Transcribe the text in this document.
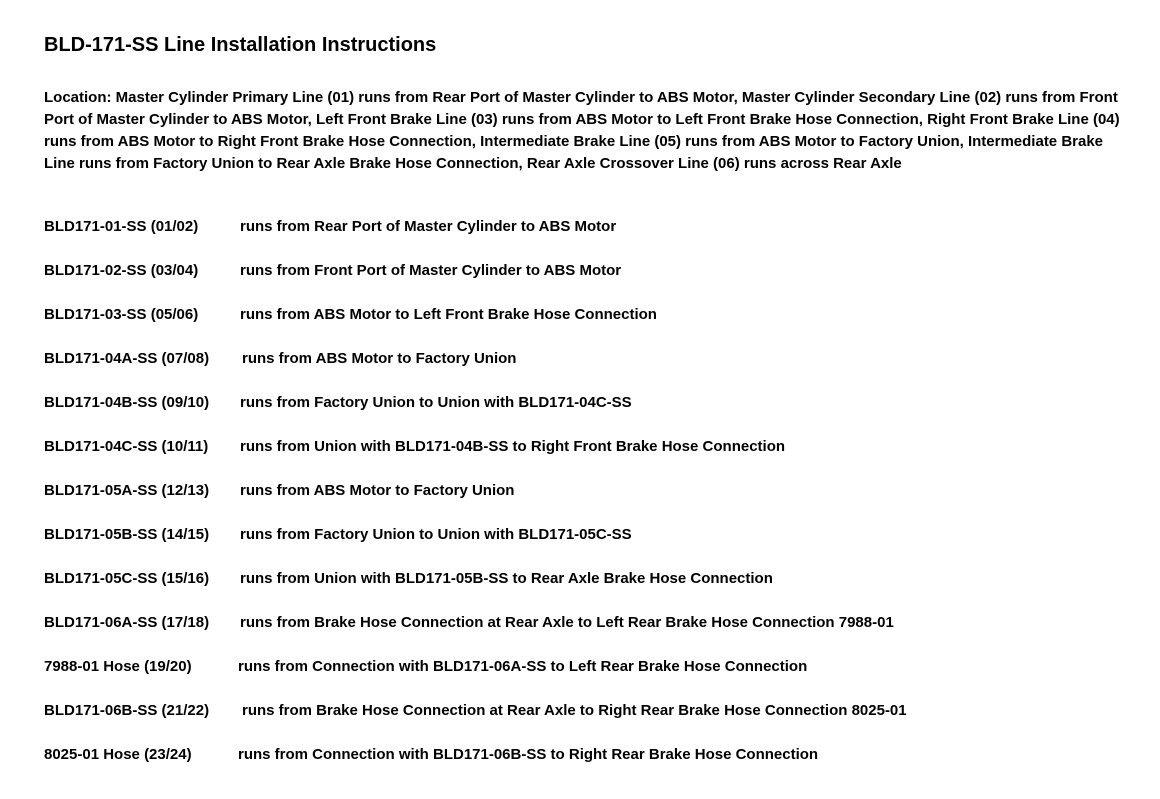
BLD-171-SS Line Installation Instructions
Location: Master Cylinder Primary Line (01) runs from Rear Port of Master Cylinder to ABS Motor, Master Cylinder Secondary Line (02) runs from Front Port of Master Cylinder to ABS Motor, Left Front Brake Line (03) runs from ABS Motor to Left Front Brake Hose Connection, Right Front Brake Line (04) runs from ABS Motor to Right Front Brake Hose Connection, Intermediate Brake Line (05) runs from ABS Motor to Factory Union, Intermediate Brake Line runs from Factory Union to Rear Axle Brake Hose Connection, Rear Axle Crossover Line (06) runs across Rear Axle
BLD171-01-SS (01/02)	runs from Rear Port of Master Cylinder to ABS Motor
BLD171-02-SS (03/04)	runs from Front Port of Master Cylinder to ABS Motor
BLD171-03-SS (05/06)	runs from ABS Motor to Left Front Brake Hose Connection
BLD171-04A-SS (07/08) runs from ABS Motor to Factory Union
BLD171-04B-SS (09/10) runs from Factory Union to Union with BLD171-04C-SS
BLD171-04C-SS (10/11) runs from Union with BLD171-04B-SS to Right Front Brake Hose Connection
BLD171-05A-SS (12/13) runs from ABS Motor to Factory Union
BLD171-05B-SS (14/15) runs from Factory Union to Union with BLD171-05C-SS
BLD171-05C-SS (15/16) runs from Union with BLD171-05B-SS to Rear Axle Brake Hose Connection
BLD171-06A-SS (17/18) runs from Brake Hose Connection at Rear Axle to Left Rear Brake Hose Connection 7988-01
7988-01 Hose (19/20)	runs from Connection with BLD171-06A-SS to Left Rear Brake Hose Connection
BLD171-06B-SS (21/22) runs from Brake Hose Connection at Rear Axle to Right Rear Brake Hose Connection 8025-01
8025-01 Hose (23/24)	runs from Connection with BLD171-06B-SS to Right Rear Brake Hose Connection
